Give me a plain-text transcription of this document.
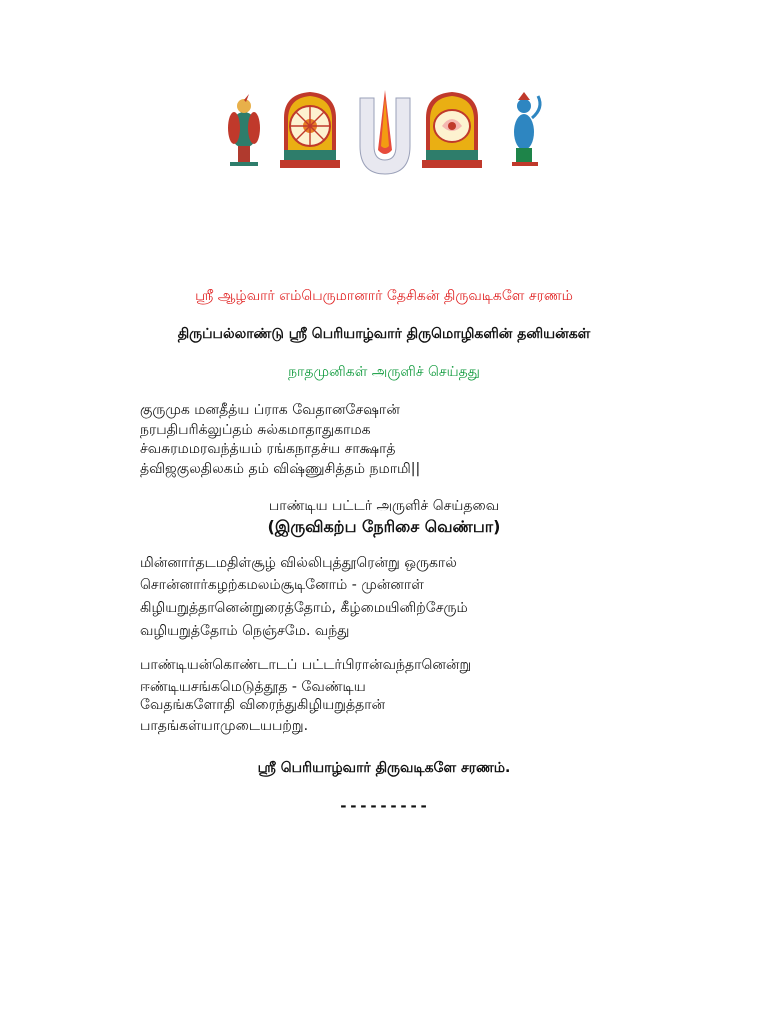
ஸ்ரீ ஆழ்வார் எம்பெருமானார் தேசிகன் திருவடிகளே சரணம்
திருப்பல்லாண்டு ஸ்ரீ பெரியாழ்வார் திருமொழிகளின் தனியன்கள்
நாதமுனிகள் அருளிச் செய்தது
குருமுக மனதீத்ய ப்ராக வேதானசேஷான்
நரபதிபரிக்லுப்தம் சுல்கமாதாதுகாமக
ச்வசுரமமரவந்த்யம் ரங்கநாதச்ய சாக்ஷாத்
த்விஜகுலதிலகம் தம் விஷ்ணுசித்தம் நமாமி||
பாண்டிய பட்டர் அருளிச் செய்தவை
(இருவிகற்ப நேரிசை வெண்பா)
மின்னார்தடமதிள்சூழ் வில்லிபுத்தூரென்று ஒருகால்
சொன்னார்கழற்கமலம்சூடினோம் - முன்னாள்
கிழியறுத்தானென்றுரைத்தோம், கீழ்மையினிற்சேரும்
வழியறுத்தோம் நெஞ்சமே. வந்து
பாண்டியன்கொண்டாடப் பட்டர்பிரான்வந்தானென்று
ஈண்டியசங்கமெடுத்தூத - வேண்டிய
வேதங்களோதி விரைந்துகிழியறுத்தான்
பாதங்கள்யாமுடையபற்று.
ஸ்ரீ பெரியாழ்வார் திருவடிகளே சரணம்.
---------
